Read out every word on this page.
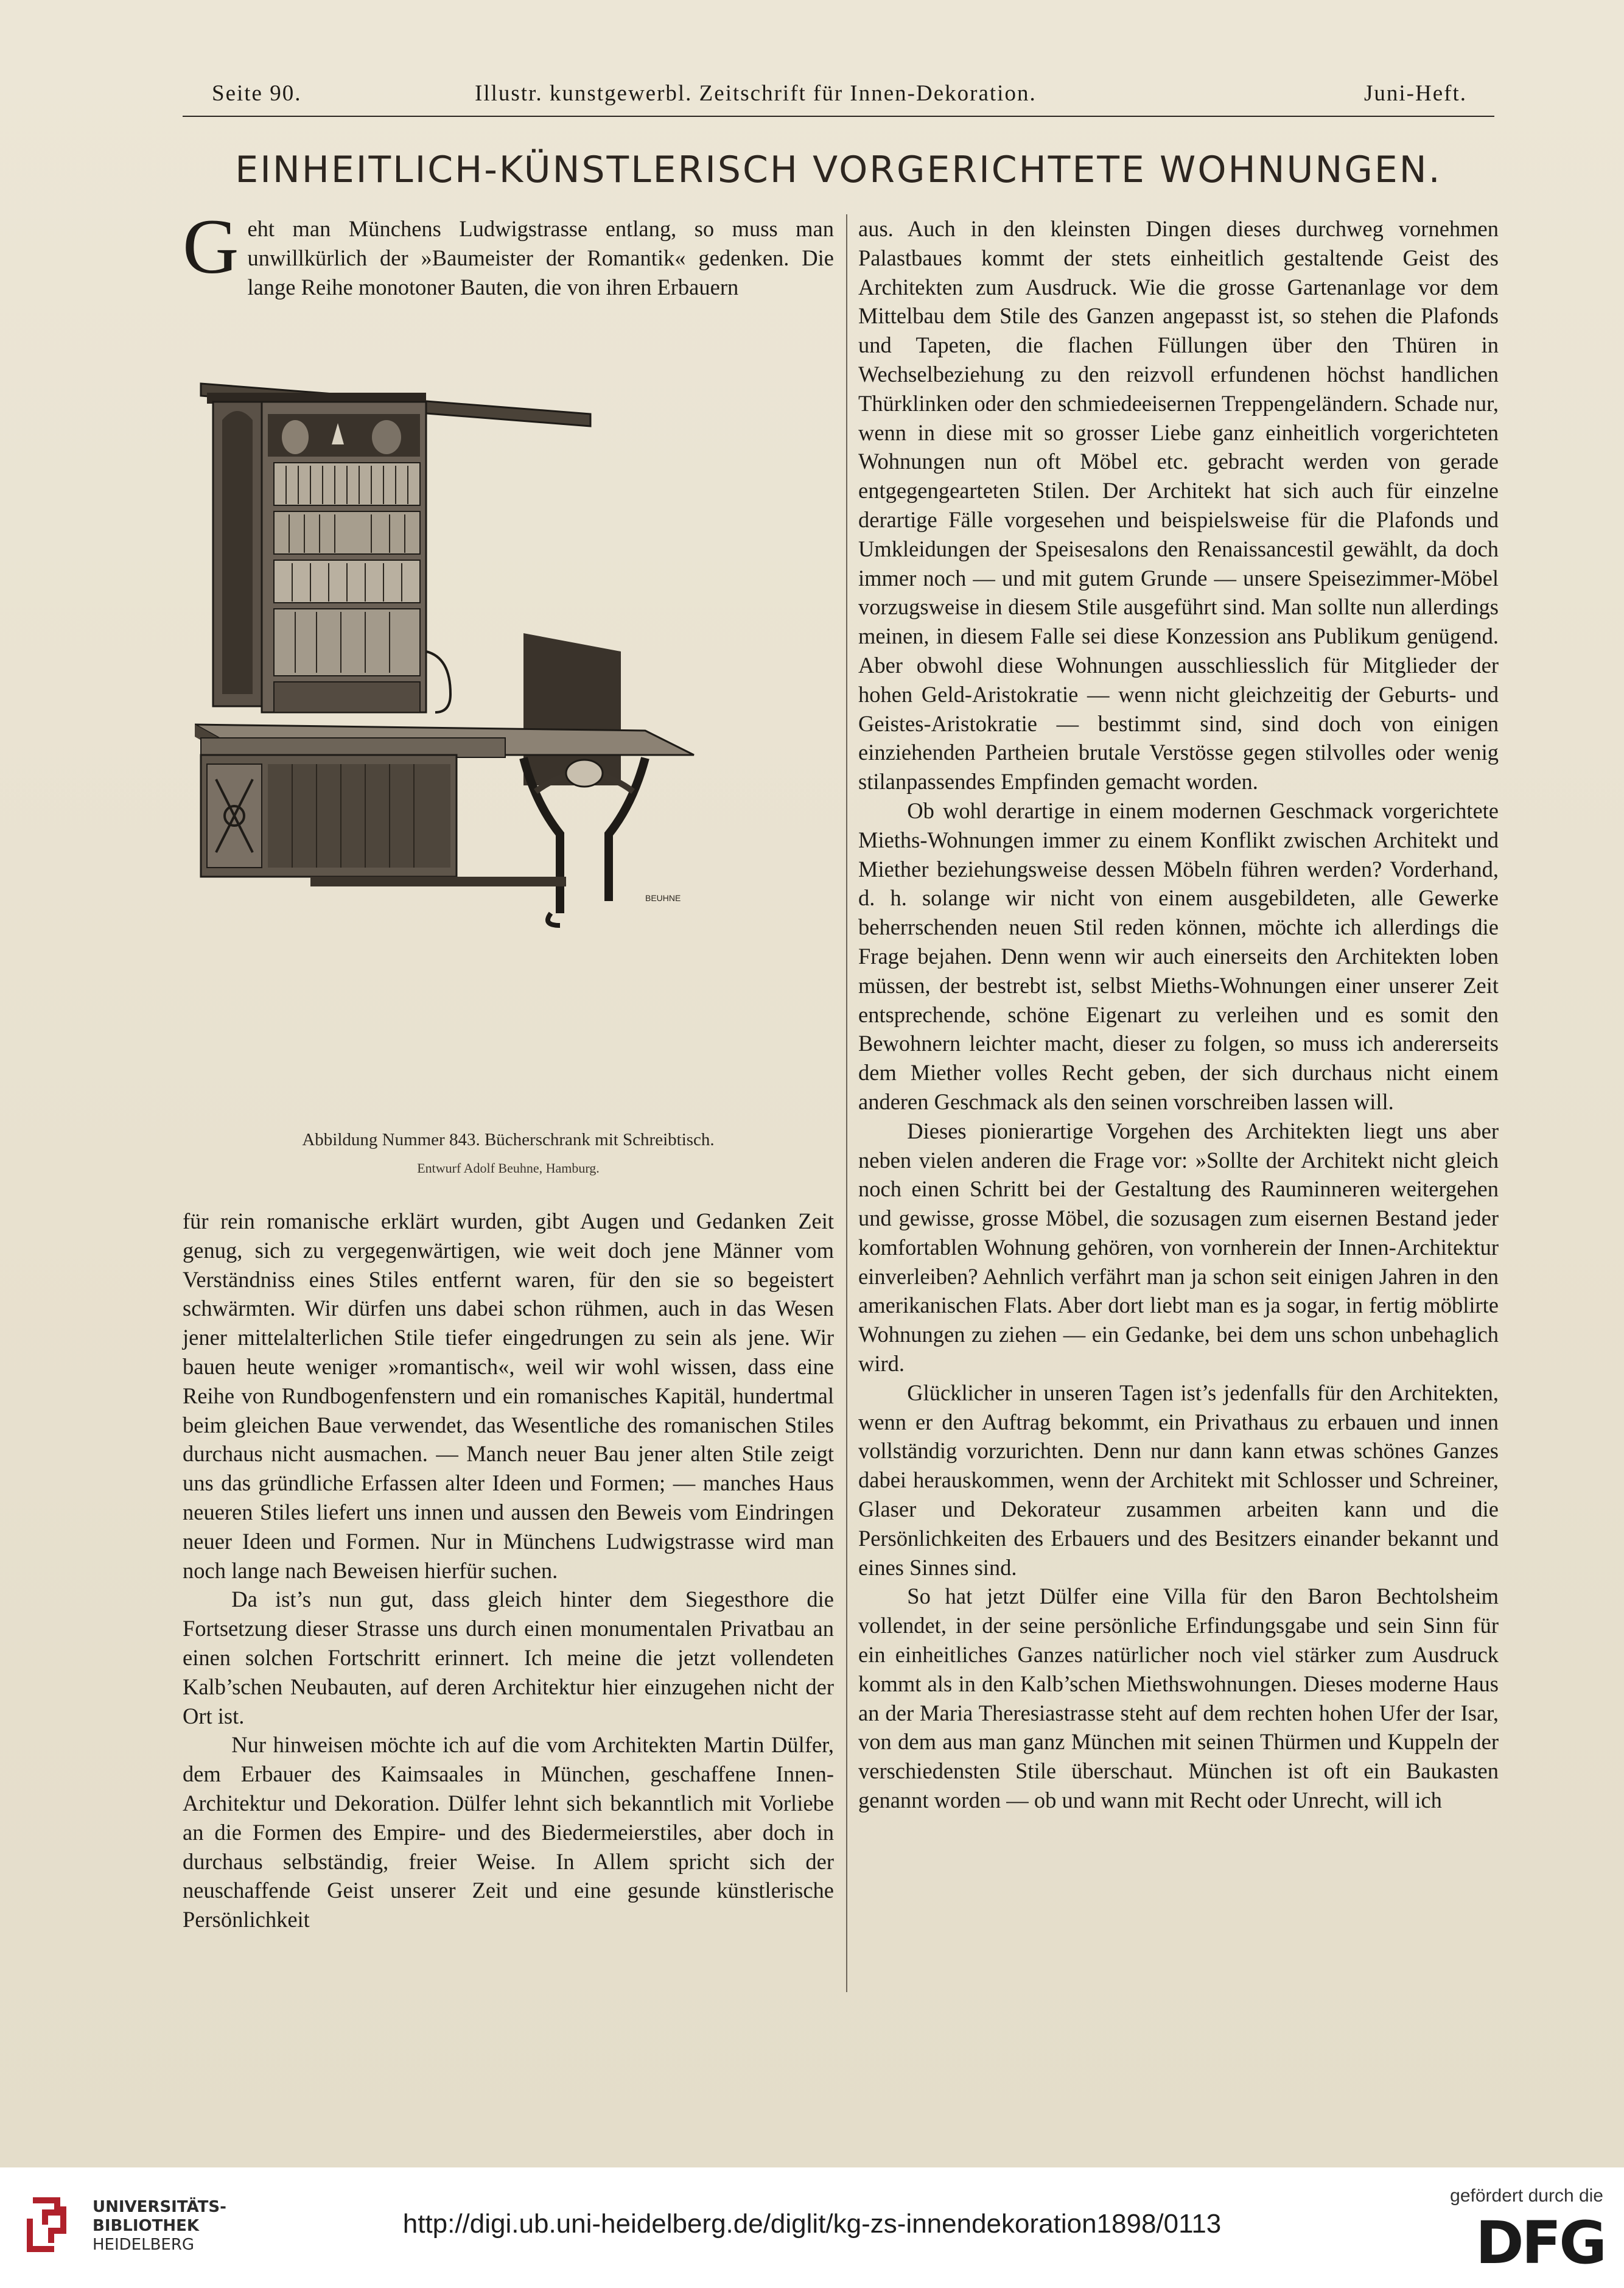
Seite 90.	Illustr. kunstgewerbl. Zeitschrift für Innen-Dekoration.	Juni-Heft.
EINHEITLICH-KÜNSTLERISCH VORGERICHTETE WOHNUNGEN.

Geht man Münchens Ludwigstrasse entlang, so muss man unwillkürlich der »Baumeister der Romantik« gedenken. Die lange Reihe monotoner Bauten, die von ihren Erbauern

BEUHNE
Abbildung Nummer 843. Bücherschrank mit Schreibtisch.
Entwurf Adolf Beuhne, Hamburg.

für rein romanische erklärt wurden, gibt Augen und Gedanken Zeit genug, sich zu vergegenwärtigen, wie weit doch jene Männer vom Verständniss eines Stiles entfernt waren, für den sie so begeistert schwärmten. Wir dürfen uns dabei schon rühmen, auch in das Wesen jener mittelalterlichen Stile tiefer eingedrungen zu sein als jene. Wir bauen heute weniger »romantisch«, weil wir wohl wissen, dass eine Reihe von Rundbogenfenstern und ein romanisches Kapitäl, hundertmal beim gleichen Baue verwendet, das Wesentliche des romanischen Stiles durchaus nicht ausmachen. — Manch neuer Bau jener alten Stile zeigt uns das gründliche Erfassen alter Ideen und Formen; — manches Haus neueren Stiles liefert uns innen und aussen den Beweis vom Eindringen neuer Ideen und Formen. Nur in Münchens Ludwigstrasse wird man noch lange nach Beweisen hierfür suchen.

Da ist’s nun gut, dass gleich hinter dem Siegesthore die Fortsetzung dieser Strasse uns durch einen monumentalen Privatbau an einen solchen Fortschritt erinnert. Ich meine die jetzt vollendeten Kalb’schen Neubauten, auf deren Architektur hier einzugehen nicht der Ort ist.

Nur hinweisen möchte ich auf die vom Architekten Martin Dülfer, dem Erbauer des Kaimsaales in München, geschaffene Innen-Architektur und Dekoration. Dülfer lehnt sich bekanntlich mit Vorliebe an die Formen des Empire- und des Biedermeierstiles, aber doch in durchaus selbständig, freier Weise. In Allem spricht sich der neuschaffende Geist unserer Zeit und eine gesunde künstlerische Persönlichkeit

aus. Auch in den kleinsten Dingen dieses durchweg vornehmen Palastbaues kommt der stets einheitlich gestaltende Geist des Architekten zum Ausdruck. Wie die grosse Gartenanlage vor dem Mittelbau dem Stile des Ganzen angepasst ist, so stehen die Plafonds und Tapeten, die flachen Füllungen über den Thüren in Wechselbeziehung zu den reizvoll erfundenen höchst handlichen Thürklinken oder den schmiedeeisernen Treppengeländern. Schade nur, wenn in diese mit so grosser Liebe ganz einheitlich vorgerichteten Wohnungen nun oft Möbel etc. gebracht werden von gerade entgegengearteten Stilen. Der Architekt hat sich auch für einzelne derartige Fälle vorgesehen und beispielsweise für die Plafonds und Umkleidungen der Speisesalons den Renaissancestil gewählt, da doch immer noch — und mit gutem Grunde — unsere Speisezimmer-Möbel vorzugsweise in diesem Stile ausgeführt sind. Man sollte nun allerdings meinen, in diesem Falle sei diese Konzession ans Publikum genügend. Aber obwohl diese Wohnungen ausschliesslich für Mitglieder der hohen Geld-Aristokratie — wenn nicht gleichzeitig der Geburts- und Geistes-Aristokratie — bestimmt sind, sind doch von einigen einziehenden Partheien brutale Verstösse gegen stilvolles oder wenig stilanpassendes Empfinden gemacht worden.

Ob wohl derartige in einem modernen Geschmack vorgerichtete Mieths-Wohnungen immer zu einem Konflikt zwischen Architekt und Miether beziehungsweise dessen Möbeln führen werden? Vorderhand, d. h. solange wir nicht von einem ausgebildeten, alle Gewerke beherrschenden neuen Stil reden können, möchte ich allerdings die Frage bejahen. Denn wenn wir auch einerseits den Architekten loben müssen, der bestrebt ist, selbst Mieths-Wohnungen einer unserer Zeit entsprechende, schöne Eigenart zu verleihen und es somit den Bewohnern leichter macht, dieser zu folgen, so muss ich andererseits dem Miether volles Recht geben, der sich durchaus nicht einem anderen Geschmack als den seinen vorschreiben lassen will.

Dieses pionierartige Vorgehen des Architekten liegt uns aber neben vielen anderen die Frage vor: »Sollte der Architekt nicht gleich noch einen Schritt bei der Gestaltung des Rauminneren weitergehen und gewisse, grosse Möbel, die sozusagen zum eisernen Bestand jeder komfortablen Wohnung gehören, von vornherein der Innen-Architektur einverleiben? Aehnlich verfährt man ja schon seit einigen Jahren in den amerikanischen Flats. Aber dort liebt man es ja sogar, in fertig möblirte Wohnungen zu ziehen — ein Gedanke, bei dem uns schon unbehaglich wird.

Glücklicher in unseren Tagen ist’s jedenfalls für den Architekten, wenn er den Auftrag bekommt, ein Privathaus zu erbauen und innen vollständig vorzurichten. Denn nur dann kann etwas schönes Ganzes dabei herauskommen, wenn der Architekt mit Schlosser und Schreiner, Glaser und Dekorateur zusammen arbeiten kann und die Persönlichkeiten des Erbauers und des Besitzers einander bekannt und eines Sinnes sind.

So hat jetzt Dülfer eine Villa für den Baron Bechtolsheim vollendet, in der seine persönliche Erfindungsgabe und sein Sinn für ein einheitliches Ganzes natürlicher noch viel stärker zum Ausdruck kommt als in den Kalb’schen Miethswohnungen. Dieses moderne Haus an der Maria Theresiastrasse steht auf dem rechten hohen Ufer der Isar, von dem aus man ganz München mit seinen Thürmen und Kuppeln der verschiedensten Stile überschaut. München ist oft ein Baukasten genannt worden — ob und wann mit Recht oder Unrecht, will ich

UNIVERSITÄTS-
BIBLIOTHEK
HEIDELBERG
http://digi.ub.uni-heidelberg.de/diglit/kg-zs-innendekoration1898/0113
gefördert durch die
DFG
